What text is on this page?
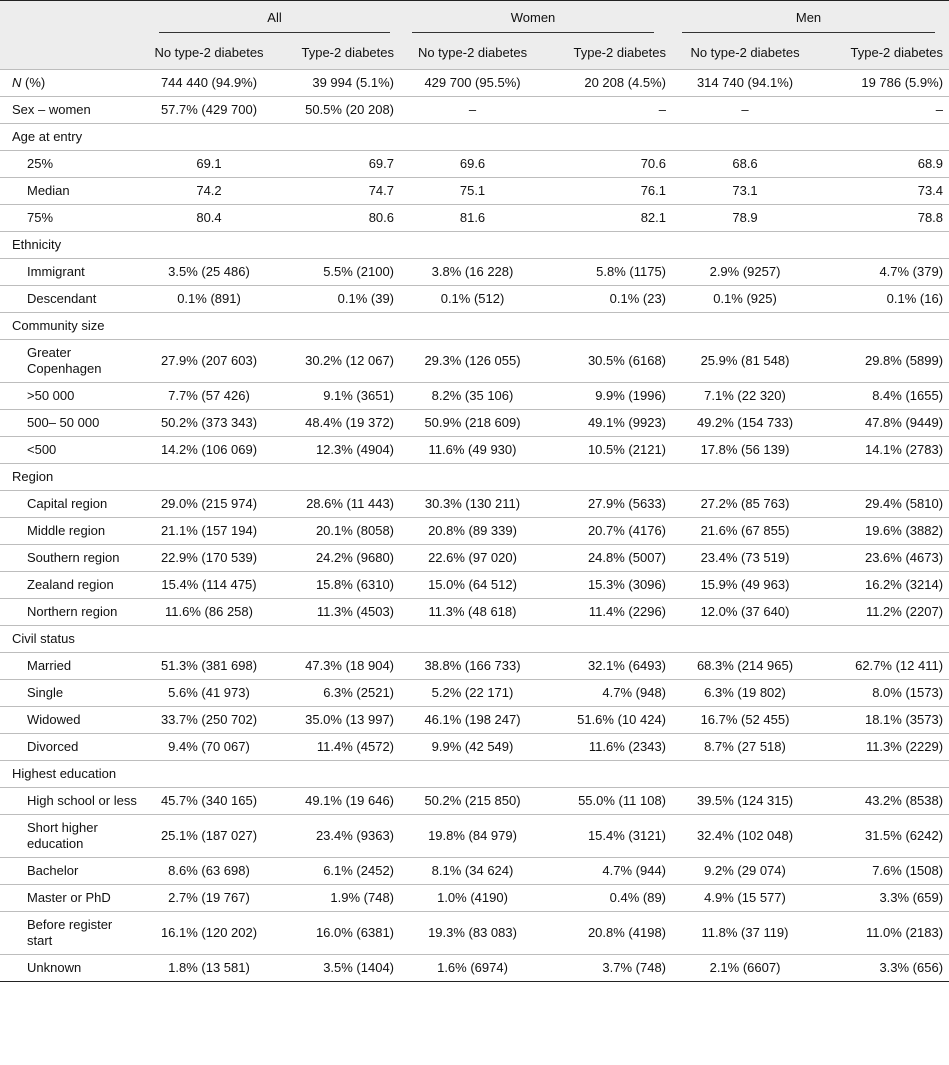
	All		Women		Men	

	No type-2 diabetes	Type-2 diabetes	No type-2 diabetes	Type-2 diabetes	No type-2 diabetes	Type-2 diabetes
N (%)	744 440 (94.9%)	39 994 (5.1%)	429 700 (95.5%)	20 208 (4.5%)	314 740 (94.1%)	19 786 (5.9%)
Sex – women	57.7% (429 700)	50.5% (20 208)	–	–	–	–
Age at entry						
25%	69.1	69.7	69.6	70.6	68.6	68.9
Median	74.2	74.7	75.1	76.1	73.1	73.4
75%	80.4	80.6	81.6	82.1	78.9	78.8
Ethnicity						
Immigrant	3.5% (25 486)	5.5% (2100)	3.8% (16 228)	5.8% (1175)	2.9% (9257)	4.7% (379)
Descendant	0.1% (891)	0.1% (39)	0.1% (512)	0.1% (23)	0.1% (925)	0.1% (16)
Community size						
Greater Copenhagen	27.9% (207 603)	30.2% (12 067)	29.3% (126 055)	30.5% (6168)	25.9% (81 548)	29.8% (5899)
>50 000	7.7% (57 426)	9.1% (3651)	8.2% (35 106)	9.9% (1996)	7.1% (22 320)	8.4% (1655)
500– 50 000	50.2% (373 343)	48.4% (19 372)	50.9% (218 609)	49.1% (9923)	49.2% (154 733)	47.8% (9449)
<500	14.2% (106 069)	12.3% (4904)	11.6% (49 930)	10.5% (2121)	17.8% (56 139)	14.1% (2783)
Region						
Capital region	29.0% (215 974)	28.6% (11 443)	30.3% (130 211)	27.9% (5633)	27.2% (85 763)	29.4% (5810)
Middle region	21.1% (157 194)	20.1% (8058)	20.8% (89 339)	20.7% (4176)	21.6% (67 855)	19.6% (3882)
Southern region	22.9% (170 539)	24.2% (9680)	22.6% (97 020)	24.8% (5007)	23.4% (73 519)	23.6% (4673)
Zealand region	15.4% (114 475)	15.8% (6310)	15.0% (64 512)	15.3% (3096)	15.9% (49 963)	16.2% (3214)
Northern region	11.6% (86 258)	11.3% (4503)	11.3% (48 618)	11.4% (2296)	12.0% (37 640)	11.2% (2207)
Civil status						
Married	51.3% (381 698)	47.3% (18 904)	38.8% (166 733)	32.1% (6493)	68.3% (214 965)	62.7% (12 411)
Single	5.6% (41 973)	6.3% (2521)	5.2% (22 171)	4.7% (948)	6.3% (19 802)	8.0% (1573)
Widowed	33.7% (250 702)	35.0% (13 997)	46.1% (198 247)	51.6% (10 424)	16.7% (52 455)	18.1% (3573)
Divorced	9.4% (70 067)	11.4% (4572)	9.9% (42 549)	11.6% (2343)	8.7% (27 518)	11.3% (2229)
Highest education						
High school or less	45.7% (340 165)	49.1% (19 646)	50.2% (215 850)	55.0% (11 108)	39.5% (124 315)	43.2% (8538)
Short higher education	25.1% (187 027)	23.4% (9363)	19.8% (84 979)	15.4% (3121)	32.4% (102 048)	31.5% (6242)
Bachelor	8.6% (63 698)	6.1% (2452)	8.1% (34 624)	4.7% (944)	9.2% (29 074)	7.6% (1508)
Master or PhD	2.7% (19 767)	1.9% (748)	1.0% (4190)	0.4% (89)	4.9% (15 577)	3.3% (659)
Before register start	16.1% (120 202)	16.0% (6381)	19.3% (83 083)	20.8% (4198)	11.8% (37 119)	11.0% (2183)
Unknown	1.8% (13 581)	3.5% (1404)	1.6% (6974)	3.7% (748)	2.1% (6607)	3.3% (656)
